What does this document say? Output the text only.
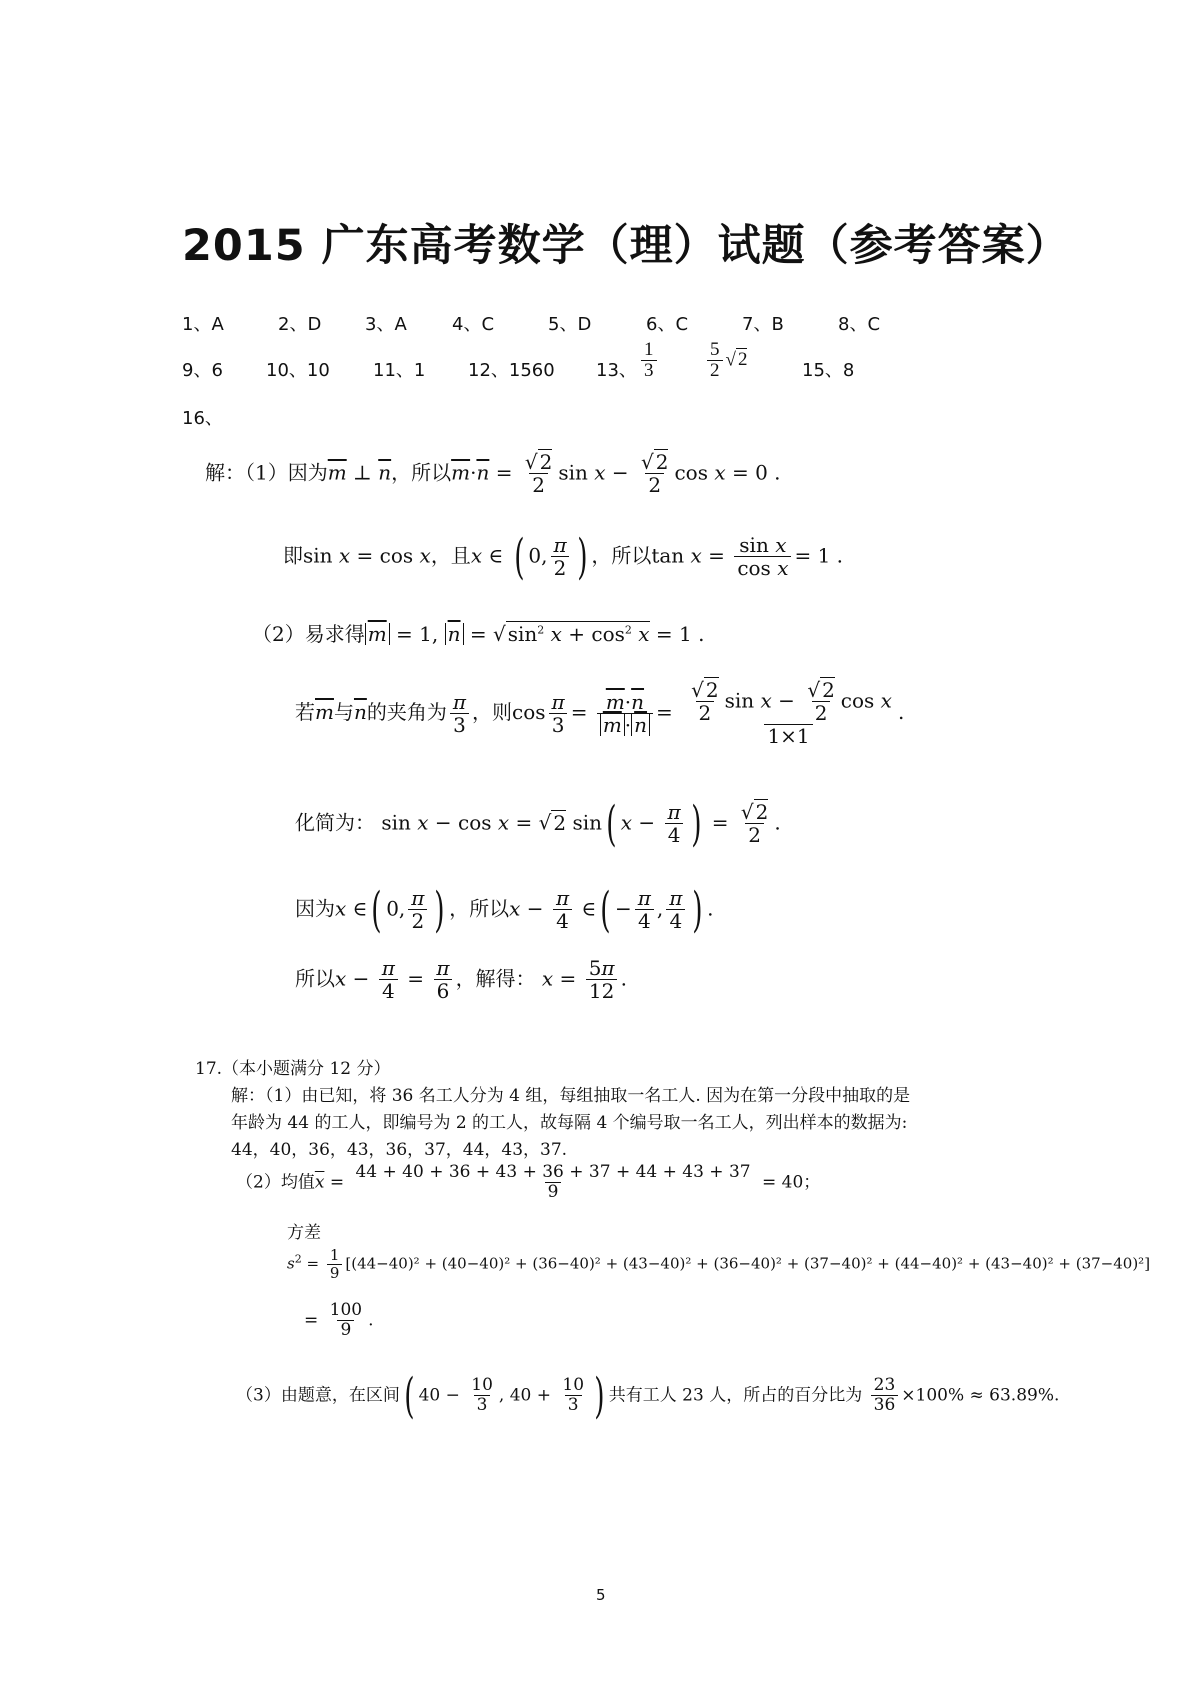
2015 广东高考数学（理）试题（参考答案）
1、A	2、D 3、A	4、C	5、D	6、C	7、B	8、C
9、6 10、10 11、1 12、1560 13、 $\frac{1}{3}$	$\frac{5}{2}$ √ 2
15、8
16、
解：（1）因为$\overline{m}$ ⊥ $\overline{n}$，所以$\overline{m}\cdot\overline{n} = \frac{√ 2}{2}$ $\sin x - \frac{√ 2}{2}$ cos x = 0 .
即sin x = cos x，且x ∈ ( 0, $\frac{\pi}{2}$ ) ，所以$\tan x = \frac{\text{sin x}}{\text{cos x}} = 1$ .
（2）易求得 $\overline{m} = 1$, $\overline{n}$ = √ $\sin^2 x + \cos^2 x = 1$ .
若$\overline{m}$与$\overline{n}$的夹角为 $\frac{\pi}{3}$ ，则$\cos \frac{\pi}{3} = \frac{\overline{m}\cdot\overline{n}}{\overline{m} \cdot \overline{n}} = \frac{\frac{√ 2}{2} \sin x - \frac{√ 2}{2} \cos x}{1\times 1}$ .
化简为： sin x − cos x = √ 2 sin( $x - \frac{\pi}{4}$ ) = $\frac{√ 2}{2}$ .
因为x ∈( 0, $\frac{\pi}{2}$ ) ，所以$x - \frac{\pi}{4}$ ∈( − $\frac{\pi}{4}$ , $\frac{\pi}{4}$ ) .
所以$x - \frac{\pi}{4} = \frac{\pi}{6}$ ，解得： $x = \frac{5\pi}{12}$ .
17.（本小题满分 12 分）
解：（1）由已知，将 36 名工人分为 4 组，每组抽取一名工人. 因为在第一分段中抽取的是
年龄为 44 的工人，即编号为 2 的工人，故每隔 4 个编号取一名工人，列出样本的数据为:
44，40，36，43，36，37，44，43，37.
（2）均值$\overline{x} = \frac{44 + 40 + 36 + 43 + 36 + 37 + 44 + 43 + 37}{9} = 40$；
方差
$s^2 = \frac{1}{9} [(44-40)^2 + (40-40)^2 + (36-40)^2 + (43-40)^2 + (36-40)^2 + (37-40)^2 + (44-40)^2 + (43-40)^2 + (37-40)^2]$
= $\frac{100}{9}$ .
（3）由题意，在区间( $40 - \frac{10}{3}$ , $40 + \frac{10}{3}$ ) 共有工人 23 人，所占的百分比为 $\frac{23}{36} \times 100\% \approx 63.89\%$.
5
